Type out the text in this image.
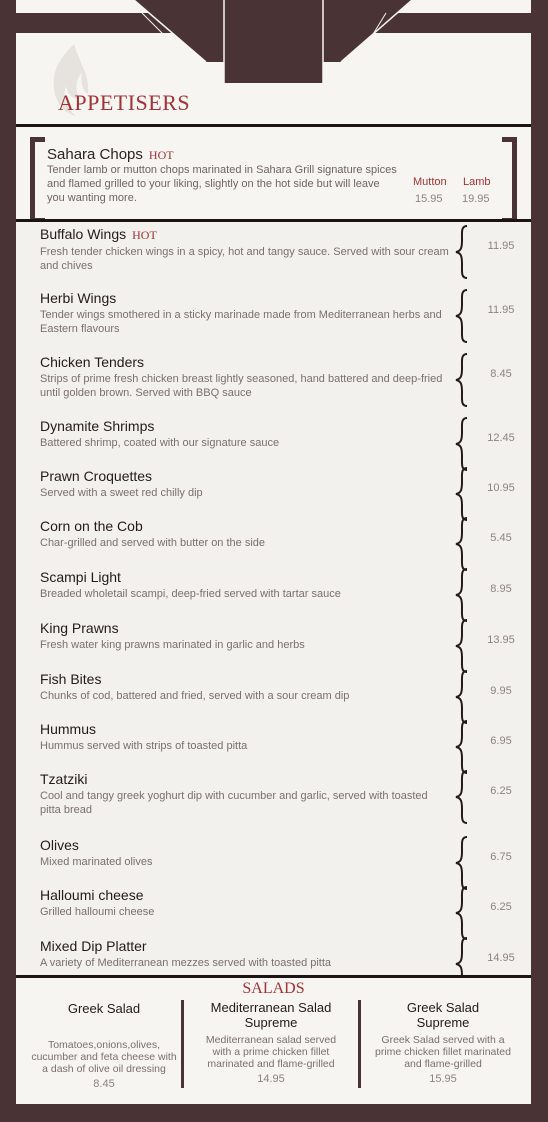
APPETISERS
Sahara Chops HOT
Tender lamb or mutton chops marinated in Sahara Grill signature spices and flamed grilled to your liking, slightly on the hot side but will leave you wanting more.
Mutton Lamb
15.95 19.95
Buffalo Wings HOT
Fresh tender chicken wings in a spicy, hot and tangy sauce. Served with sour cream and chives
11.95
Herbi Wings
Tender wings smothered in a sticky marinade made from Mediterranean herbs and Eastern flavours
11.95
Chicken Tenders
Strips of prime fresh chicken breast lightly seasoned, hand battered and deep-fried until golden brown. Served with BBQ sauce
8.45
Dynamite Shrimps
Battered shrimp, coated with our signature sauce	12.45
Prawn Croquettes
Served with a sweet red chilly dip	10.95
Corn on the Cob
Char-grilled and served with butter on the side	5.45
Scampi Light
Breaded wholetail scampi, deep-fried served with tartar sauce	8.95
King Prawns
Fresh water king prawns marinated in garlic and herbs	13.95
Fish Bites
Chunks of cod, battered and fried, served with a sour cream dip	9.95
Hummus
Hummus served with strips of toasted pitta	6.95
Tzatziki
Cool and tangy greek yoghurt dip with cucumber and garlic, served with toasted pitta bread
6.25
Olives
Mixed marinated olives	6.75
Halloumi cheese
Grilled halloumi cheese	6.25
Mixed Dip Platter
A variety of Mediterranean mezzes served with toasted pitta	14.95
SALADS
Greek Salad
Tomatoes,onions,olives, cucumber and feta cheese with a dash of olive oil dressing
8.45
Mediterranean Salad Supreme
Mediterranean salad served with a prime chicken fillet marinated and flame-grilled
14.95
Greek Salad Supreme
Greek Salad served with a prime chicken fillet marinated and flame-grilled
15.95
